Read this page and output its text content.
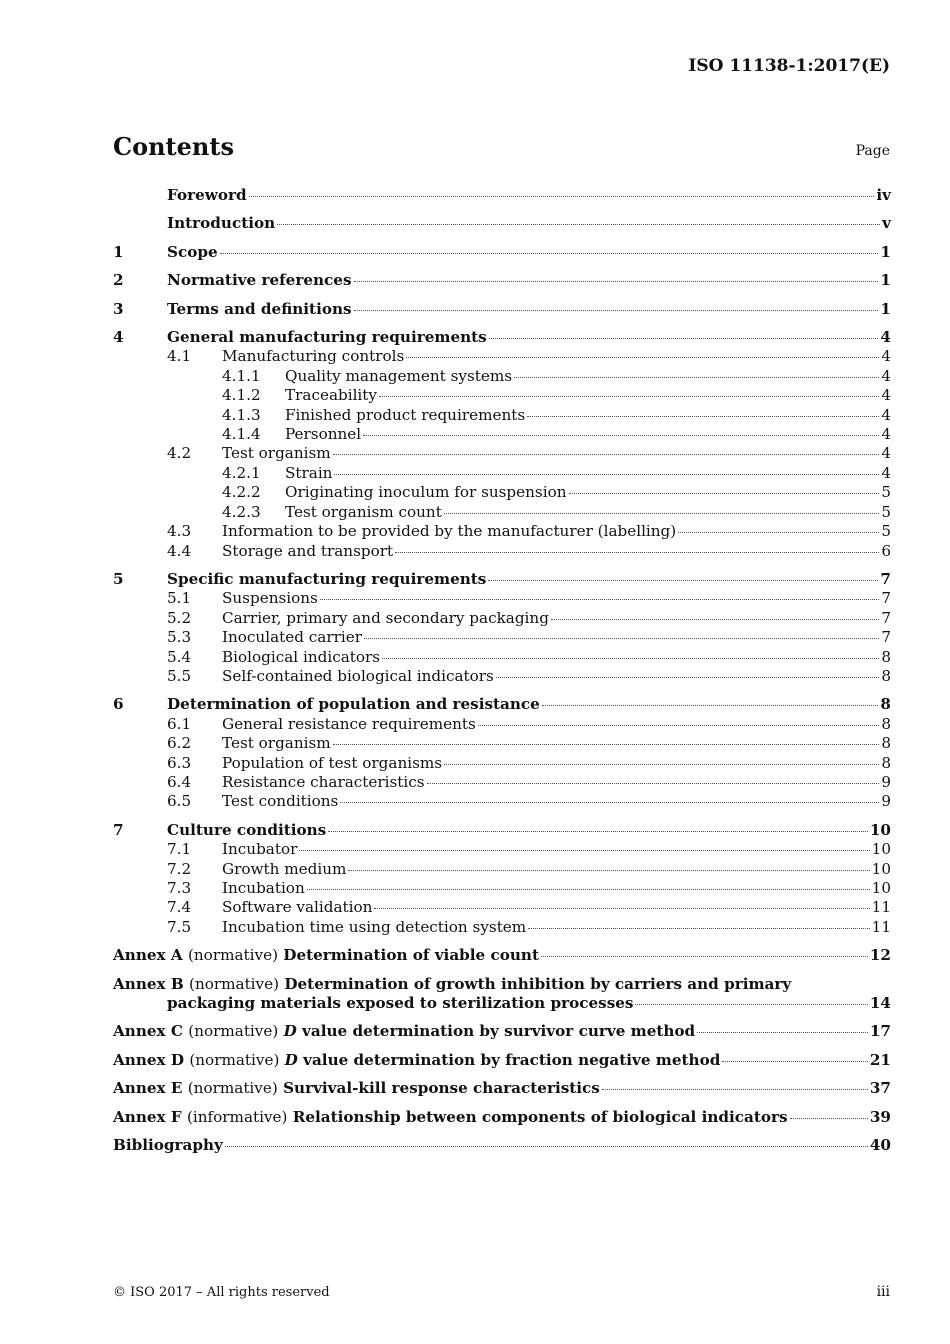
ISO 11138-1:2017(E)
Contents	Page
Foreword	iv
Introduction	v
1	Scope	1
2	Normative references	1
3	Terms and definitions	1
4	General manufacturing requirements	4
4.1	Manufacturing controls	4
4.1.1	Quality management systems	4
4.1.2	Traceability	4
4.1.3	Finished product requirements	4
4.1.4	Personnel	4
4.2	Test organism	4
4.2.1	Strain	4
4.2.2	Originating inoculum for suspension	5
4.2.3	Test organism count	5
4.3	Information to be provided by the manufacturer (labelling)	5
4.4	Storage and transport	6
5	Specific manufacturing requirements	7
5.1	Suspensions	7
5.2	Carrier, primary and secondary packaging	7
5.3	Inoculated carrier	7
5.4	Biological indicators	8
5.5	Self-contained biological indicators	8
6	Determination of population and resistance	8
6.1	General resistance requirements	8
6.2	Test organism	8
6.3	Population of test organisms	8
6.4	Resistance characteristics	9
6.5	Test conditions	9
7	Culture conditions	10
7.1	Incubator	10
7.2	Growth medium	10
7.3	Incubation	10
7.4	Software validation	11
7.5	Incubation time using detection system	11
Annex A (normative) Determination of viable count	12
Annex B (normative) Determination of growth inhibition by carriers and primary
packaging materials exposed to sterilization processes	14
Annex C (normative) D value determination by survivor curve method	17
Annex D (normative) D value determination by fraction negative method	21
Annex E (normative) Survival-kill response characteristics	37
Annex F (informative) Relationship between components of biological indicators	39
Bibliography	40
© ISO 2017 – All rights reserved	iii
